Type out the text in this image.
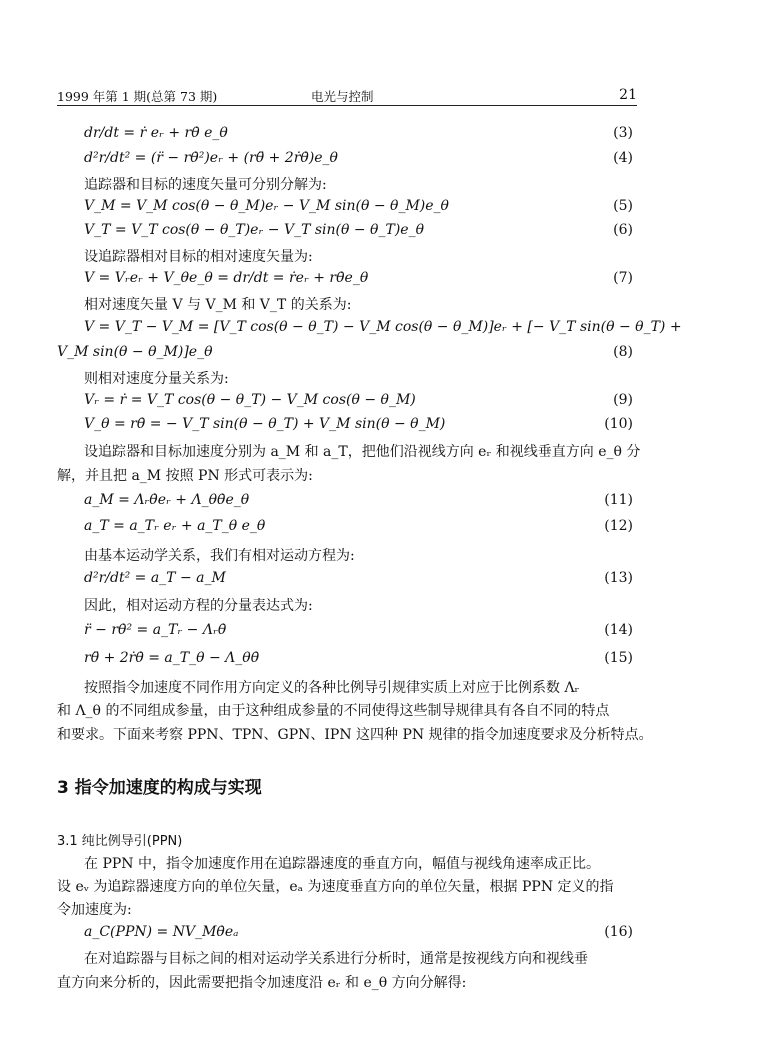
1999 年第 1 期(总第 73 期)	电光与控制	21
dr/dt = ṙ eᵣ + rθ̇ e_θ	(3)
d²r/dt² = (r̈ − rθ̇²)eᵣ + (rθ̈ + 2ṙθ̇)e_θ	(4)
追踪器和目标的速度矢量可分别分解为:
V_M = V_M cos(θ − θ_M)eᵣ − V_M sin(θ − θ_M)e_θ	(5)
V_T = V_T cos(θ − θ_T)eᵣ − V_T sin(θ − θ_T)e_θ	(6)
设追踪器相对目标的相对速度矢量为:
V = Vᵣeᵣ + V_θe_θ = dr/dt = ṙeᵣ + rθ̇e_θ	(7)
相对速度矢量 V 与 V_M 和 V_T 的关系为:
V = V_T − V_M = [V_T cos(θ − θ_T) − V_M cos(θ − θ_M)]eᵣ + [− V_T sin(θ − θ_T) +
V_M sin(θ − θ_M)]e_θ	(8)
则相对速度分量关系为:
Vᵣ = ṙ = V_T cos(θ − θ_T) − V_M cos(θ − θ_M)	(9)
V_θ = rθ̇ = − V_T sin(θ − θ_T) + V_M sin(θ − θ_M)	(10)
设追踪器和目标加速度分别为 a_M 和 a_T，把他们沿视线方向 eᵣ 和视线垂直方向 e_θ 分
解，并且把 a_M 按照 PN 形式可表示为:
a_M = Λᵣθ̇eᵣ + Λ_θθ̇e_θ	(11)
a_T = a_Tᵣ eᵣ + a_T_θ e_θ	(12)
由基本运动学关系，我们有相对运动方程为:
d²r/dt² = a_T − a_M	(13)
因此，相对运动方程的分量表达式为:
r̈ − rθ̇² = a_Tᵣ − Λᵣθ̇	(14)
rθ̈ + 2ṙθ̇ = a_T_θ − Λ_θθ̇	(15)
按照指令加速度不同作用方向定义的各种比例导引规律实质上对应于比例系数 Λᵣ
和 Λ_θ 的不同组成参量，由于这种组成参量的不同使得这些制导规律具有各自不同的特点
和要求。下面来考察 PPN、TPN、GPN、IPN 这四种 PN 规律的指令加速度要求及分析特点。
3 指令加速度的构成与实现
3.1 纯比例导引(PPN)
在 PPN 中，指令加速度作用在追踪器速度的垂直方向，幅值与视线角速率成正比。
设 eᵥ 为追踪器速度方向的单位矢量，eₐ 为速度垂直方向的单位矢量，根据 PPN 定义的指
令加速度为:
a_C(PPN) = NV_Mθ̇eₐ	(16)
在对追踪器与目标之间的相对运动学关系进行分析时，通常是按视线方向和视线垂
直方向来分析的，因此需要把指令加速度沿 eᵣ 和 e_θ 方向分解得:
